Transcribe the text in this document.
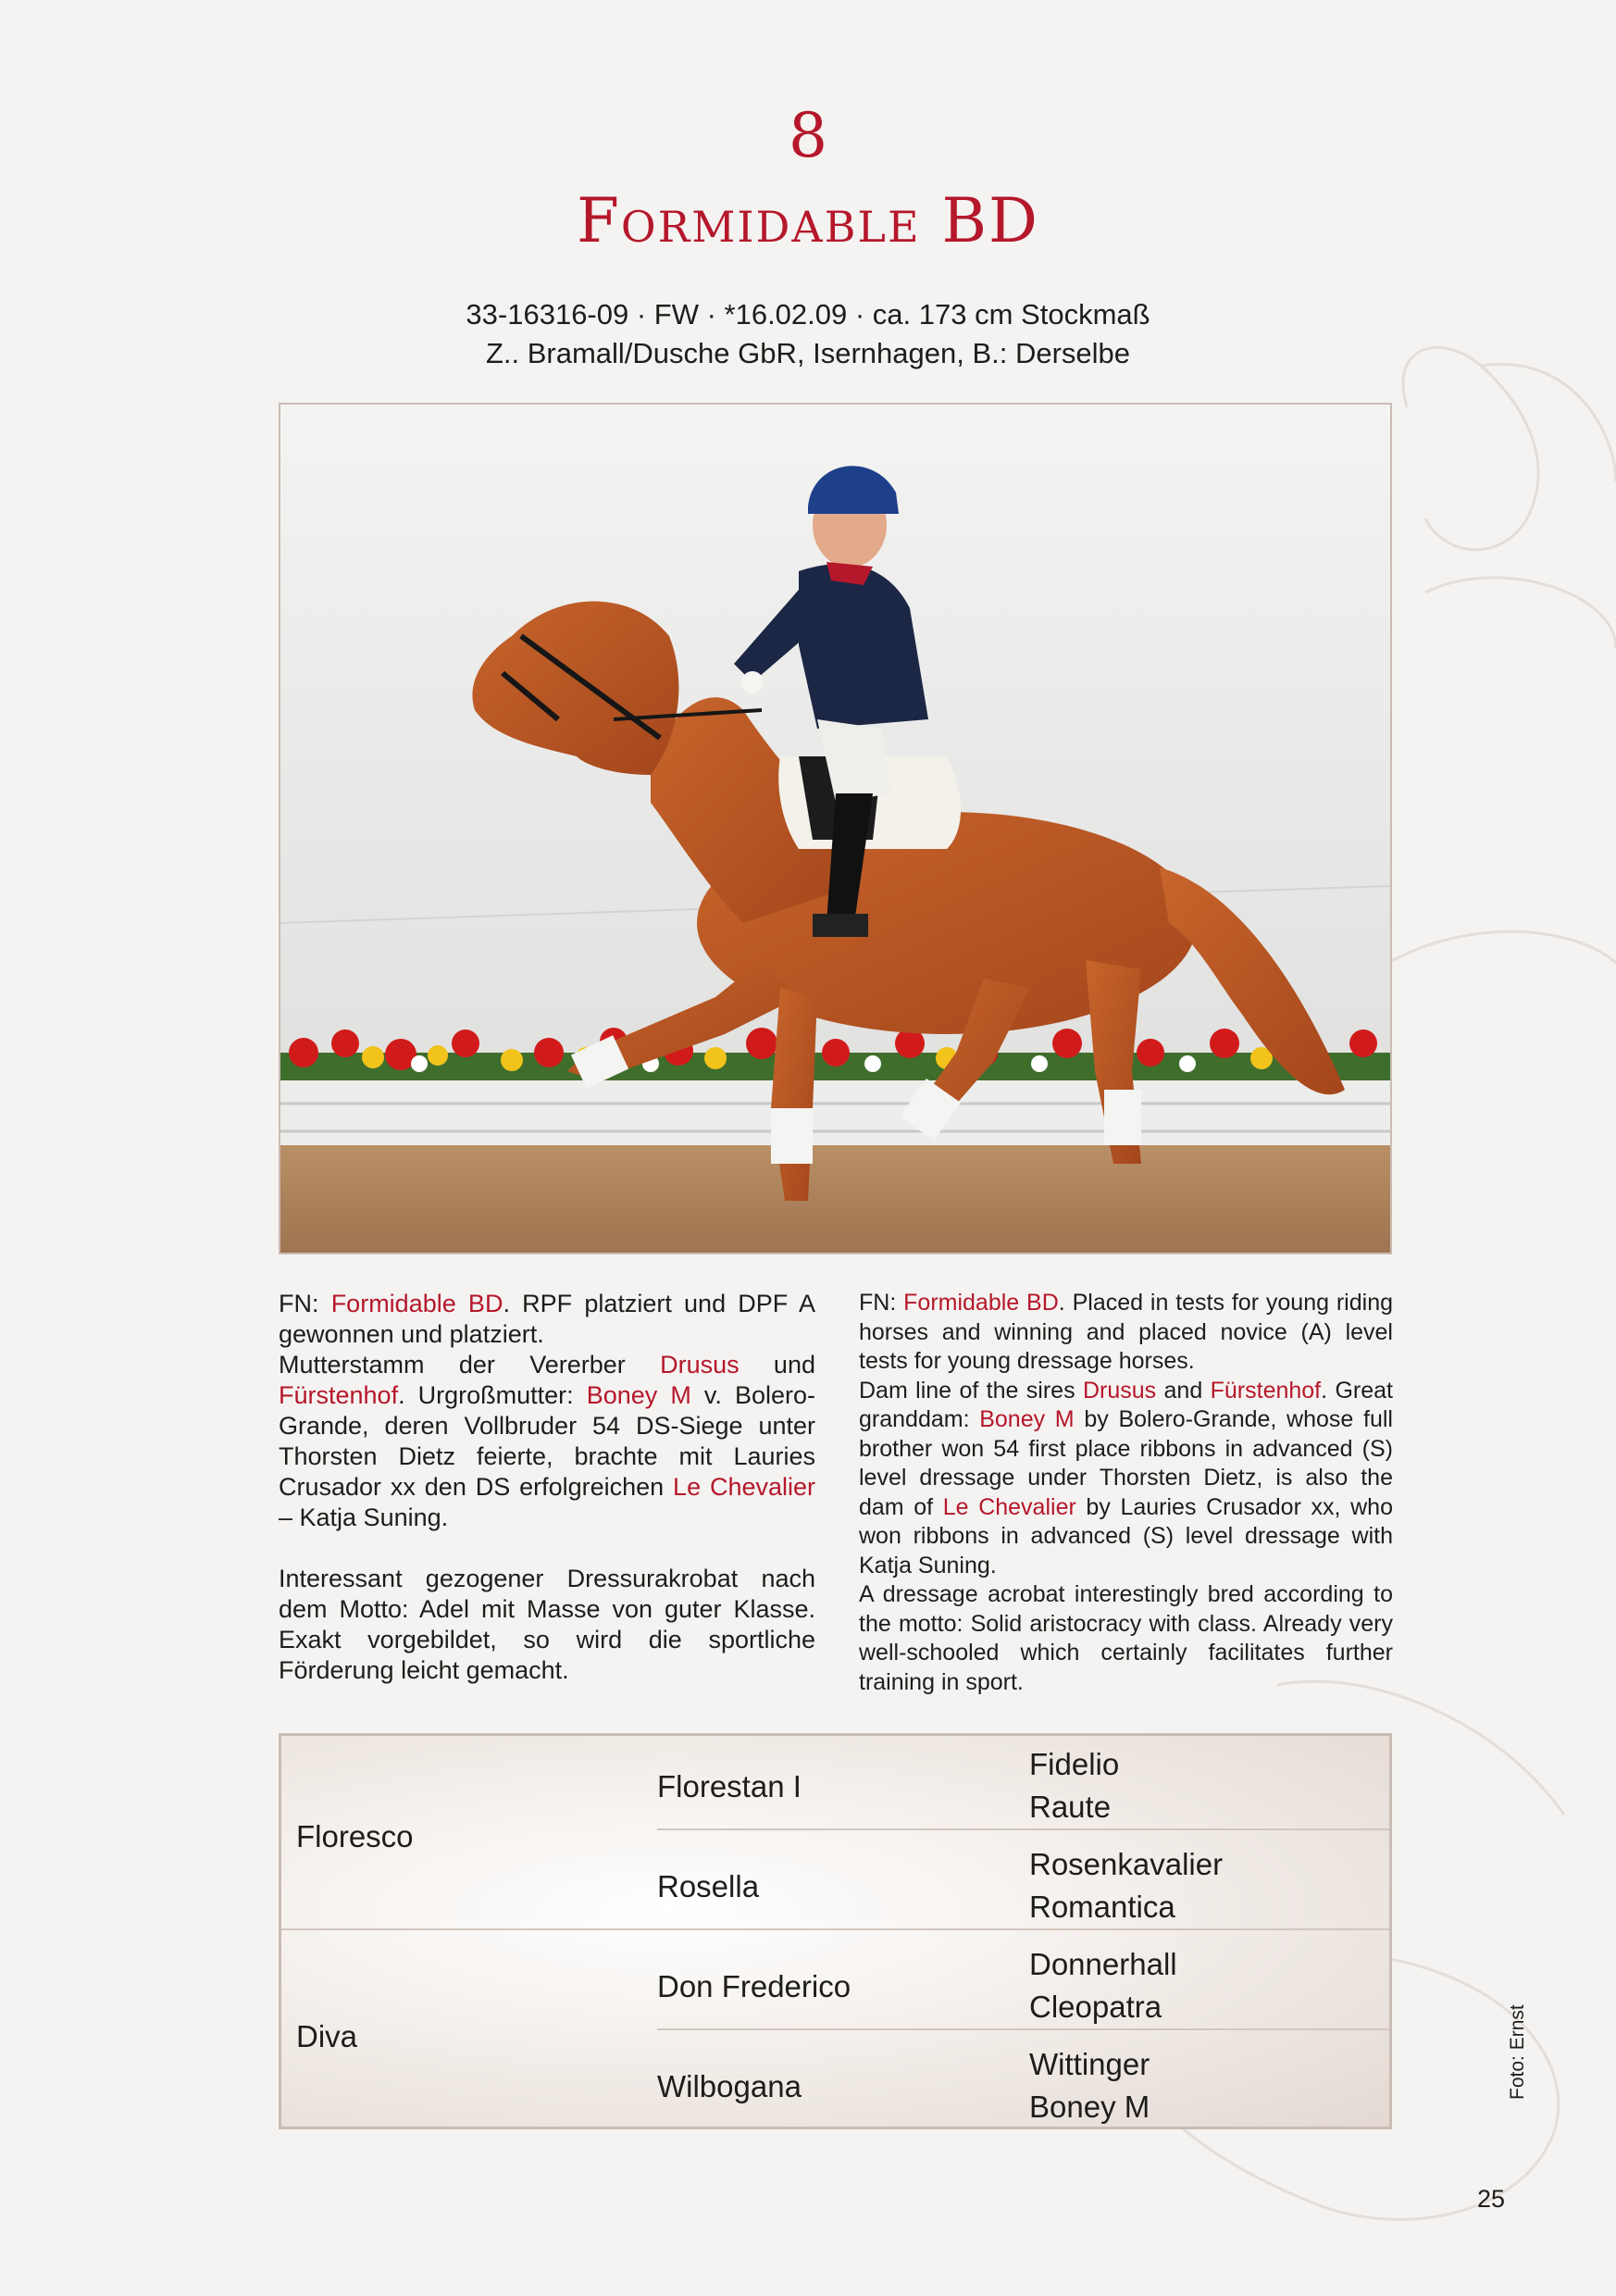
8
Formidable BD
33-16316-09 · FW · *16.02.09 · ca. 173 cm Stockmaß
Z.. Bramall/Dusche GbR, Isernhagen, B.: Derselbe

FN: Formidable BD. RPF platziert und DPF A gewonnen und platziert.

Mutterstamm der Vererber Drusus und Fürstenhof. Urgroßmutter: Boney M v. Bolero-Grande, deren Vollbruder 54 DS-Siege unter Thorsten Dietz feierte, brachte mit Lauries Crusador xx den DS erfolgreichen Le Chevalier – Katja Suning.

Interessant gezogener Dressurakrobat nach dem Motto: Adel mit Masse von guter Klasse. Exakt vorgebildet, so wird die sportliche Förderung leicht gemacht.

FN: Formidable BD. Placed in tests for young riding horses and winning and placed novice (A) level tests for young dressage horses.

Dam line of the sires Drusus and Fürstenhof. Great granddam: Boney M by Bolero-Grande, whose full brother won 54 first place ribbons in advanced (S) level dressage under Thorsten Dietz, is also the dam of Le Chevalier by Lauries Crusador xx, who won ribbons in advanced (S) level dressage with Katja Suning.

A dressage acrobat interestingly bred according to the motto: Solid aristocracy with class. Already very well-schooled which certainly facilitates further training in sport.

Floresco
Diva
Florestan I
Rosella
Don Frederico
Wilbogana
Fidelio
Raute
Rosenkavalier
Romantica
Donnerhall
Cleopatra
Wittinger
Boney M
Foto: Ernst
25
